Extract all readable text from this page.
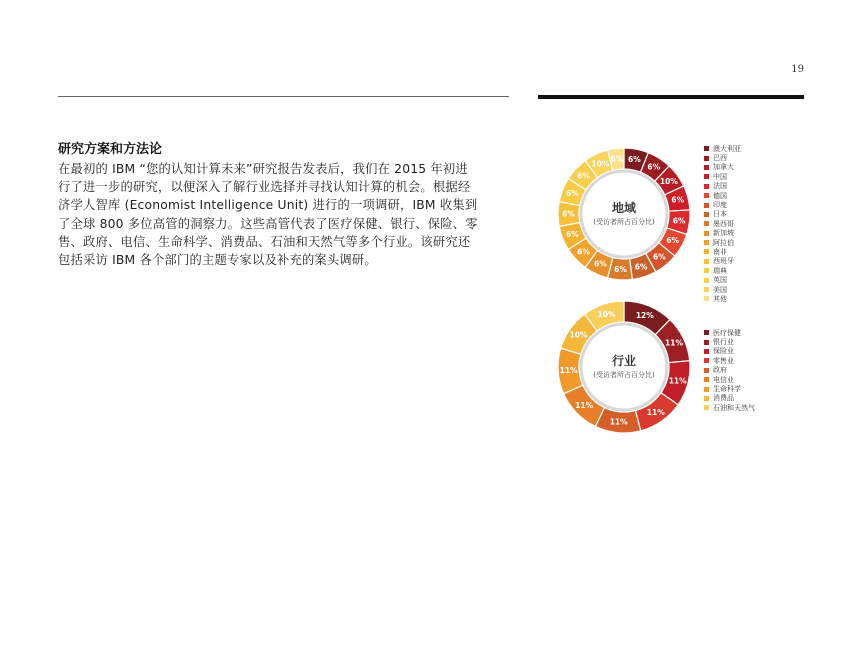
19
研究方案和方法论
在最初的 IBM “您的认知计算未来”研究报告发表后，我们在 2015 年初进
行了进一步的研究，以便深入了解行业选择并寻找认知计算的机会。根据经
济学人智库 (Economist Intelligence Unit) 进行的一项调研，IBM 收集到
了全球 800 多位高管的洞察力。这些高管代表了医疗保健、银行、保险、零
售、政府、电信、生命科学、消费品、石油和天然气等多个行业。该研究还
包括采访 IBM 各个部门的主题专家以及补充的案头调研。
6%
6%
10%
6%
6%
6%
6%
6%
6%
6%
6%
6%
6%
6%
6%
10%
6%
地域
(受访者所占百分比)
12%
11%
11%
11%
11%
11%
11%
10%
10%
行业
(受访者所占百分比)
澳大利亚
巴西
加拿大
中国
法国
德国
印度
日本
墨西哥
新加坡
阿拉伯
南非
西班牙
瑞典
英国
美国
其他
医疗保健
银行业
保险业
零售业
政府
电信业
生命科学
消费品
石油和天然气
